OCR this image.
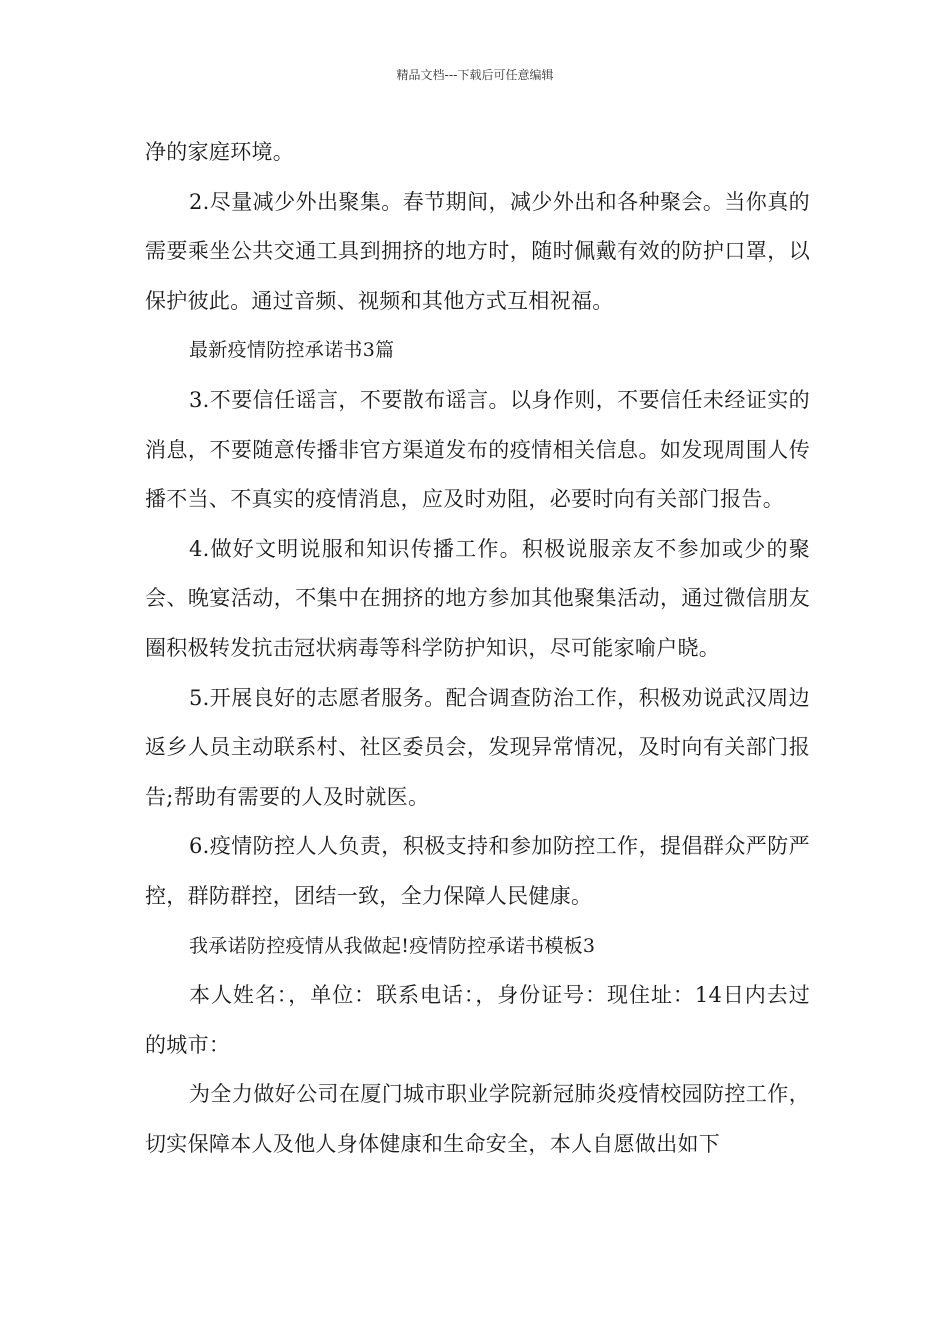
精品文档---下载后可任意编辑

净的家庭环境。

2.尽量减少外出聚集。春节期间，减少外出和各种聚会。当你真的需要乘坐公共交通工具到拥挤的地方时，随时佩戴有效的防护口罩，以保护彼此。通过音频、视频和其他方式互相祝福。

最新疫情防控承诺书3篇

3.不要信任谣言，不要散布谣言。以身作则，不要信任未经证实的消息，不要随意传播非官方渠道发布的疫情相关信息。如发现周围人传播不当、不真实的疫情消息，应及时劝阻，必要时向有关部门报告。

4.做好文明说服和知识传播工作。积极说服亲友不参加或少的聚会、晚宴活动，不集中在拥挤的地方参加其他聚集活动，通过微信朋友圈积极转发抗击冠状病毒等科学防护知识，尽可能家喻户晓。

5.开展良好的志愿者服务。配合调查防治工作，积极劝说武汉周边返乡人员主动联系村、社区委员会，发现异常情况，及时向有关部门报告;帮助有需要的人及时就医。

6.疫情防控人人负责，积极支持和参加防控工作，提倡群众严防严控，群防群控，团结一致，全力保障人民健康。

我承诺防控疫情从我做起!疫情防控承诺书模板3

本人姓名：，单位：联系电话：，身份证号：现住址：14日内去过的城市：

为全力做好公司在厦门城市职业学院新冠肺炎疫情校园防控工作，切实保障本人及他人身体健康和生命安全，本人自愿做出如下
